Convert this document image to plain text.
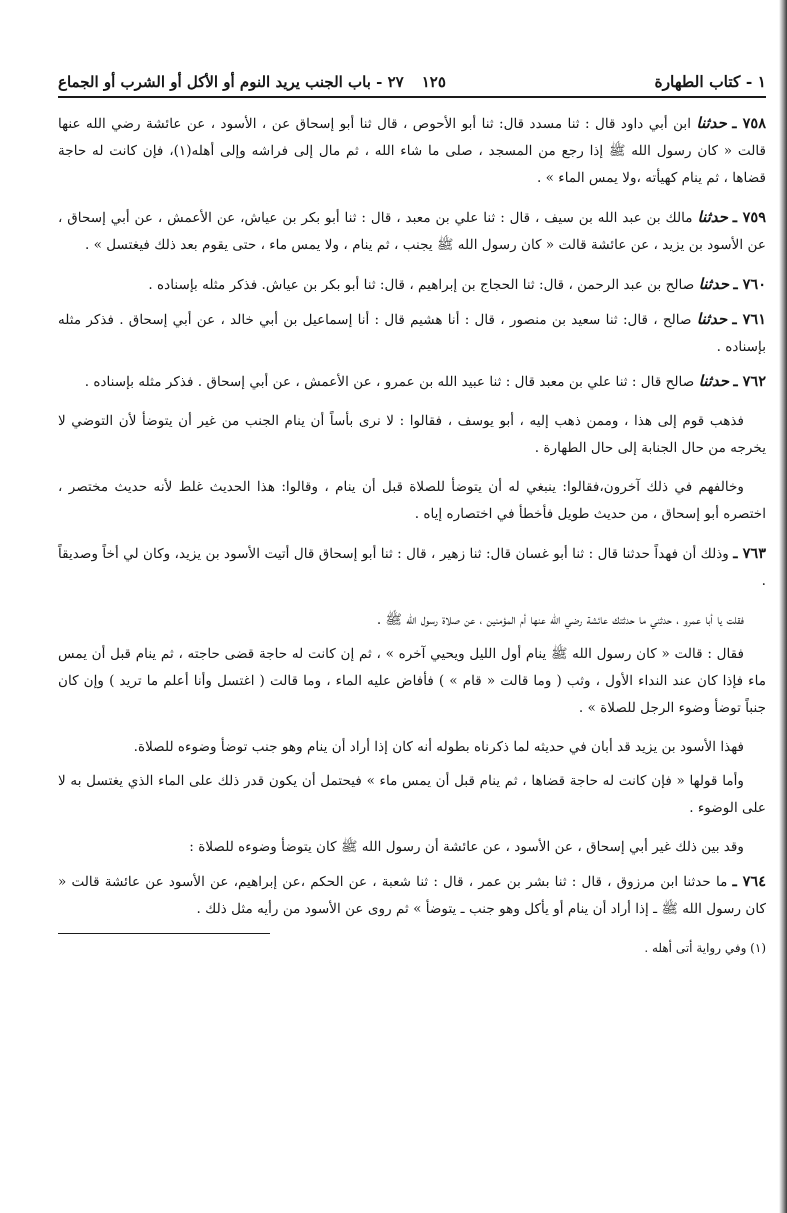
١ - كتاب الطهارة
١٢٥
٢٧ - باب الجنب يريد النوم أو الأكل أو الشرب أو الجماع

٧٥٨ ـ حدثنا ابن أبي داود قال : ثنا مسدد قال: ثنا أبو الأحوص ، قال ثنا أبو إسحاق عن ، الأسود ، عن عائشة رضي الله عنها قالت « كان رسول الله ﷺ إذا رجع من المسجد ، صلى ما شاء الله ، ثم مال إلى فراشه وإلى أهله(١)، فإن كانت له حاجة قضاها ، ثم ينام كهيأته ،ولا يمس الماء » .

٧٥٩ ـ حدثنا مالك بن عبد الله بن سيف ، قال : ثنا علي بن معبد ، قال : ثنا أبو بكر بن عياش، عن الأعمش ، عن أبي إسحاق ، عن الأسود بن يزيد ، عن عائشة قالت « كان رسول الله ﷺ يجنب ، ثم ينام ، ولا يمس ماء ، حتى يقوم بعد ذلك فيغتسل » .

٧٦٠ ـ حدثنا صالح بن عبد الرحمن ، قال: ثنا الحجاج بن إبراهيم ، قال: ثنا أبو بكر بن عياش. فذكر مثله بإسناده .

٧٦١ ـ حدثنا صالح ، قال: ثنا سعيد بن منصور ، قال : أنا هشيم قال : أنا إسماعيل بن أبي خالد ، عن أبي إسحاق . فذكر مثله بإسناده .

٧٦٢ ـ حدثنا صالح قال : ثنا علي بن معبد قال : ثنا عبيد الله بن عمرو ، عن الأعمش ، عن أبي إسحاق . فذكر مثله بإسناده .

فذهب قوم إلى هذا ، وممن ذهب إليه ، أبو يوسف ، فقالوا : لا نرى بأساً أن ينام الجنب من غير أن يتوضأ لأن التوضي لا يخرجه من حال الجنابة إلى حال الطهارة .

وخالفهم في ذلك آخرون،فقالوا: ينبغي له أن يتوضأ للصلاة قبل أن ينام ، وقالوا: هذا الحديث غلط لأنه حديث مختصر ، اختصره أبو إسحاق ، من حديث طويل فأخطأ في اختصاره إياه .

٧٦٣ ـ وذلك أن فهداً حدثنا قال : ثنا أبو غسان قال: ثنا زهير ، قال : ثنا أبو إسحاق قال أتيت الأسود بن يزيد، وكان لي أخاً وصديقاً .

فقلت يا أبا عمرو ، حدثني ما حدثتك عائشة رضي الله عنها أم المؤمنين ، عن صلاة رسول الله ﷺ .

فقال : قالت « كان رسول الله ﷺ ينام أول الليل ويحيي آخره » ، ثم إن كانت له حاجة قضى حاجته ، ثم ينام قبل أن يمس ماء فإذا كان عند النداء الأول ، وثب ( وما قالت « قام » ) فأفاض عليه الماء ، وما قالت ( اغتسل وأنا أعلم ما تريد ) وإن كان جنباً توضأ وضوء الرجل للصلاة » .

فهذا الأسود بن يزيد قد أبان في حديثه لما ذكرناه بطوله أنه كان إذا أراد أن ينام وهو جنب توضأ وضوءه للصلاة.

وأما قولها « فإن كانت له حاجة قضاها ، ثم ينام قبل أن يمس ماء » فيحتمل أن يكون قدر ذلك على الماء الذي يغتسل به لا على الوضوء .

وقد بين ذلك غير أبي إسحاق ، عن الأسود ، عن عائشة أن رسول الله ﷺ كان يتوضأ وضوءه للصلاة :

٧٦٤ ـ ما حدثنا ابن مرزوق ، قال : ثنا بشر بن عمر ، قال : ثنا شعبة ، عن الحكم ،عن إبراهيم، عن الأسود عن عائشة قالت « كان رسول الله ﷺ ـ إذا أراد أن ينام أو يأكل وهو جنب ـ يتوضأ » ثم روى عن الأسود من رأيه مثل ذلك .

(١) وفي رواية أتى أهله .
